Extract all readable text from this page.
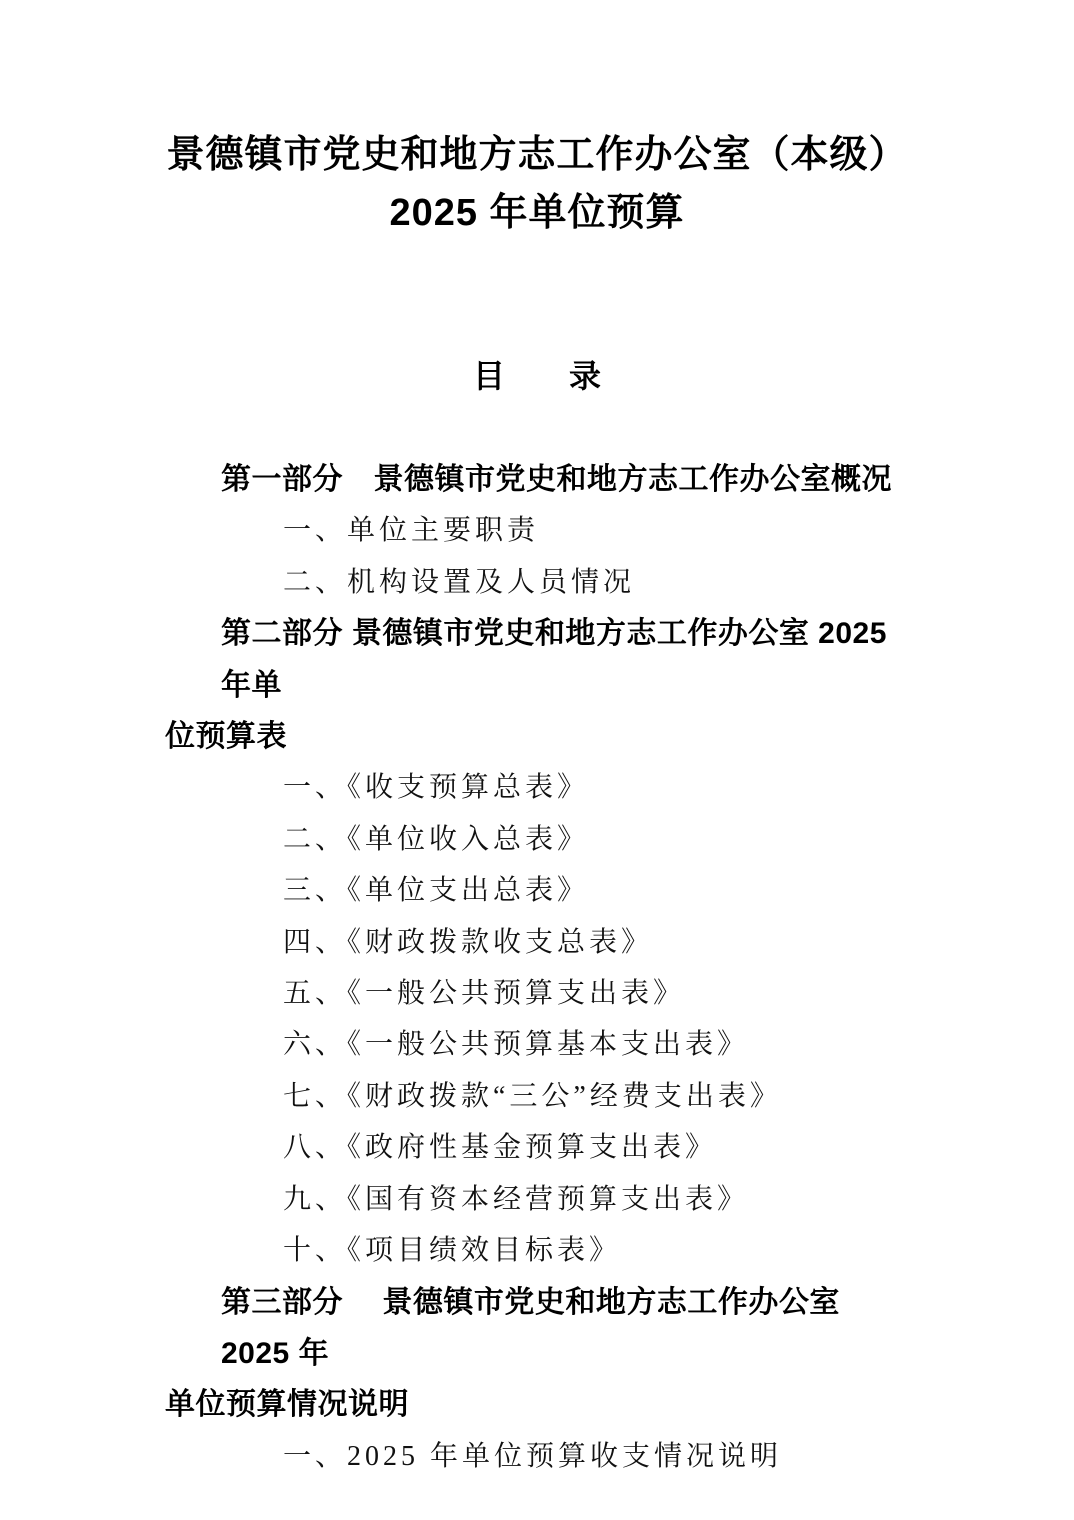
景德镇市党史和地方志工作办公室（本级）
2025 年单位预算
目　　录
第一部分　景德镇市党史和地方志工作办公室概况
一、单位主要职责
二、机构设置及人员情况
第二部分 景德镇市党史和地方志工作办公室 2025 年单
位预算表
一、《收支预算总表》
二、《单位收入总表》
三、《单位支出总表》
四、《财政拨款收支总表》
五、《一般公共预算支出表》
六、《一般公共预算基本支出表》
七、《财政拨款“三公”经费支出表》
八、《政府性基金预算支出表》
九、《国有资本经营预算支出表》
十、《项目绩效目标表》
第三部分　 景德镇市党史和地方志工作办公室 2025 年
单位预算情况说明
一、2025 年单位预算收支情况说明
